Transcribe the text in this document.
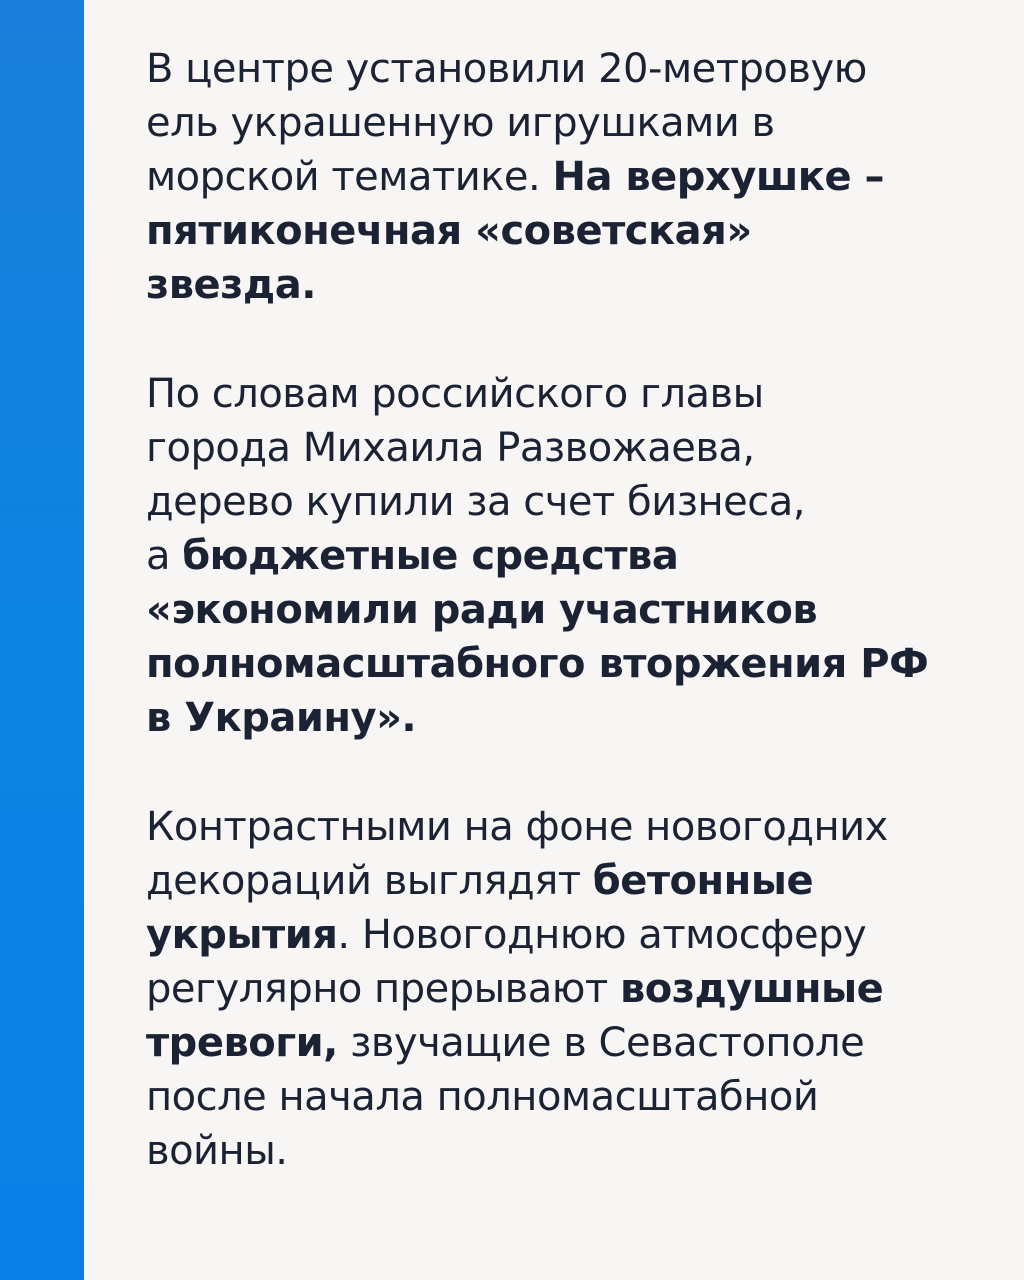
В центре установили 20-метровую
ель украшенную игрушками в
морской тематике. На верхушке –
пятиконечная «советская»
звезда.

По словам российского главы
города Михаила Развожаева,
дерево купили за счет бизнеса,
а бюджетные средства
«экономили ради участников
полномасштабного вторжения РФ
в Украину».

Контрастными на фоне новогодних
декораций выглядят бетонные
укрытия. Новогоднюю атмосферу
регулярно прерывают воздушные
тревоги, звучащие в Севастополе
после начала полномасштабной
войны.
